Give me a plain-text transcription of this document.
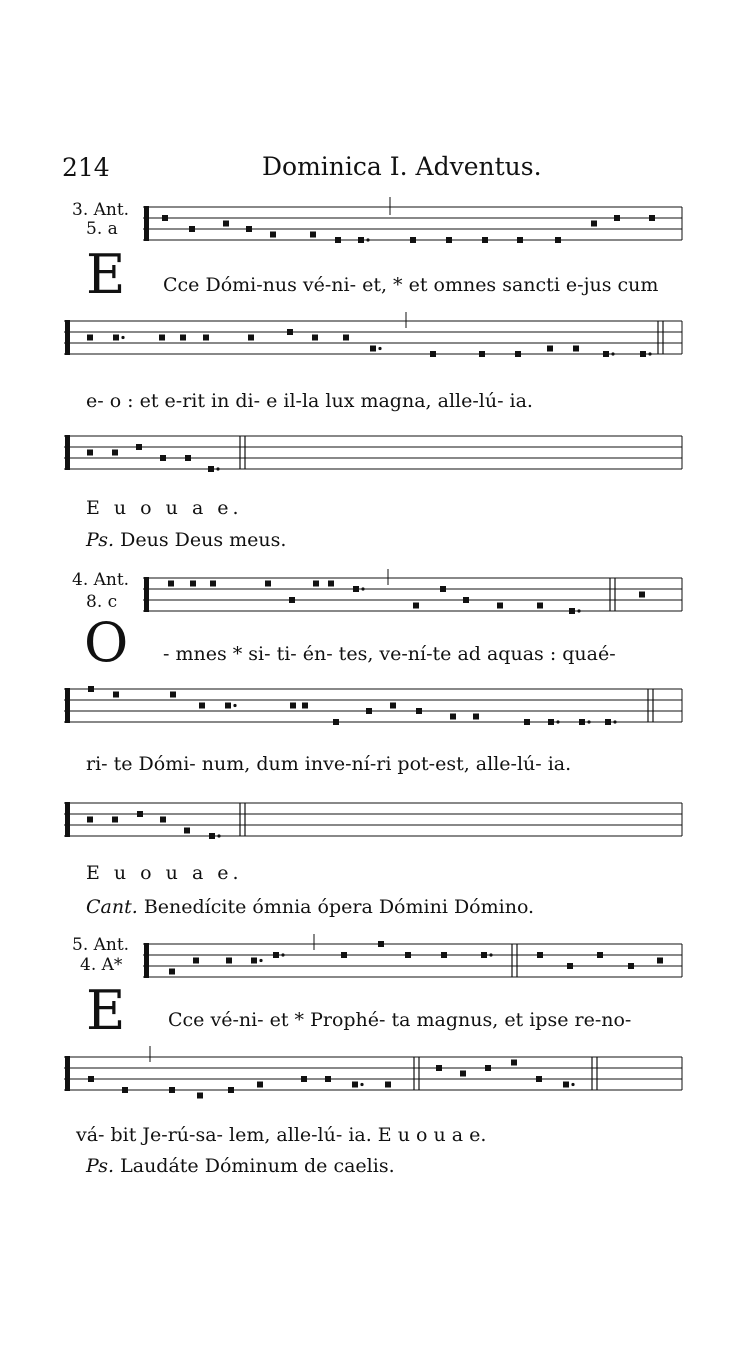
214	Dominica I. Adventus.
3. Ant.
5. a
E Cce Dómi-nus vé-ni- et, * et omnes sancti e-jus cum
e- o : et e-rit in di- e il-la lux magna, alle-lú- ia.
E u o u a e.
Ps. Deus Deus meus.
4. Ant.
8. c
O - mnes * si- ti- én- tes, ve-ní-te ad aquas : quaé-
ri- te Dómi- num, dum inve-ní-ri pot-est, alle-lú- ia.
E u o u a e.
Cant. Benedícite ómnia ópera Dómini Dómino.
5. Ant.
4. A*
E Cce vé-ni- et * Prophé- ta magnus, et ipse re-no-
vá- bit Je-rú-sa- lem, alle-lú- ia. E u o u a e.
Ps. Laudáte Dóminum de caelis.
